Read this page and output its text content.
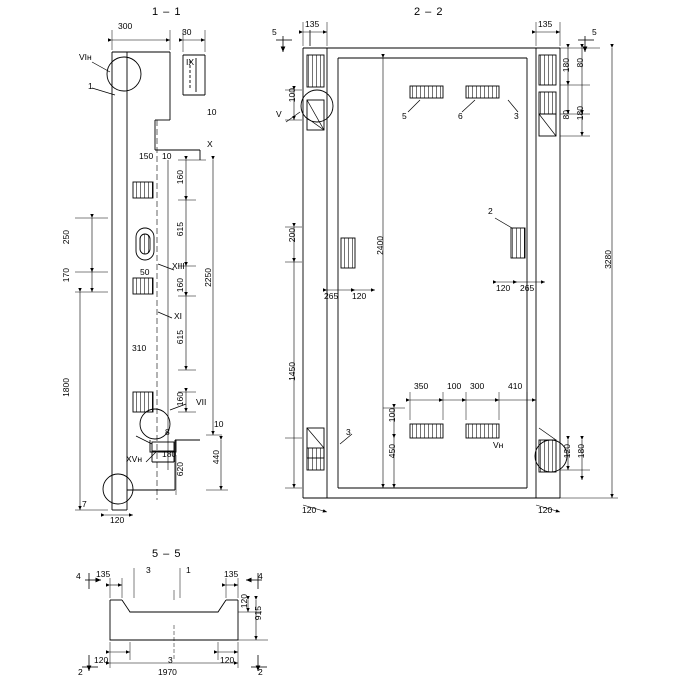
1 – 1	2 – 2
5 – 5
VIн
1
IX
X
XIII
XI
VII
XVн
7
8
300
30
10
250
170
1800
120
150 10
160
615
50
160
310
615
160
180
620
440
10
2250
5
135	135
5
V	5	6	3
2
3
Vн
180 80
80 180
3280
100
200
1450
100
450
120
2400
265 120
120 265
350 100 300	410
120 180
120
4
3	1
4
2	2
135	135
120
915
120	3
1970
120
